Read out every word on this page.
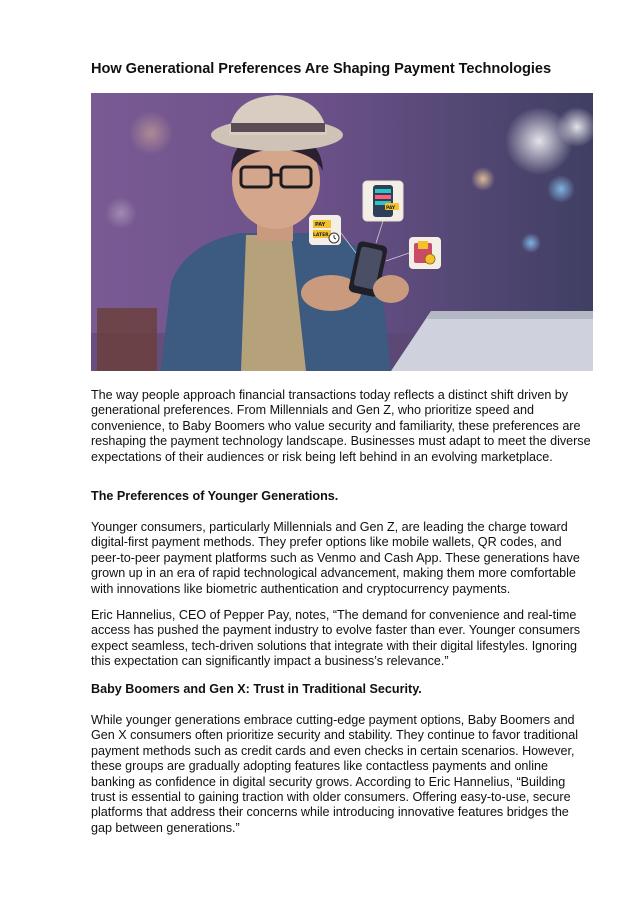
How Generational Preferences Are Shaping Payment Technologies
PAY
LATER
PAY

The way people approach financial transactions today reflects a distinct shift driven by generational preferences. From Millennials and Gen Z, who prioritize speed and convenience, to Baby Boomers who value security and familiarity, these preferences are reshaping the payment technology landscape. Businesses must adapt to meet the diverse expectations of their audiences or risk being left behind in an evolving marketplace.

The Preferences of Younger Generations.

Younger consumers, particularly Millennials and Gen Z, are leading the charge toward digital-first payment methods. They prefer options like mobile wallets, QR codes, and peer-to-peer payment platforms such as Venmo and Cash App. These generations have grown up in an era of rapid technological advancement, making them more comfortable with innovations like biometric authentication and cryptocurrency payments.

Eric Hannelius, CEO of Pepper Pay, notes, “The demand for convenience and real-time access has pushed the payment industry to evolve faster than ever. Younger consumers expect seamless, tech-driven solutions that integrate with their digital lifestyles. Ignoring this expectation can significantly impact a business’s relevance.”

Baby Boomers and Gen X: Trust in Traditional Security.

While younger generations embrace cutting-edge payment options, Baby Boomers and Gen X consumers often prioritize security and stability. They continue to favor traditional payment methods such as credit cards and even checks in certain scenarios. However, these groups are gradually adopting features like contactless payments and online banking as confidence in digital security grows. According to Eric Hannelius, “Building trust is essential to gaining traction with older consumers. Offering easy-to-use, secure platforms that address their concerns while introducing innovative features bridges the gap between generations.”
